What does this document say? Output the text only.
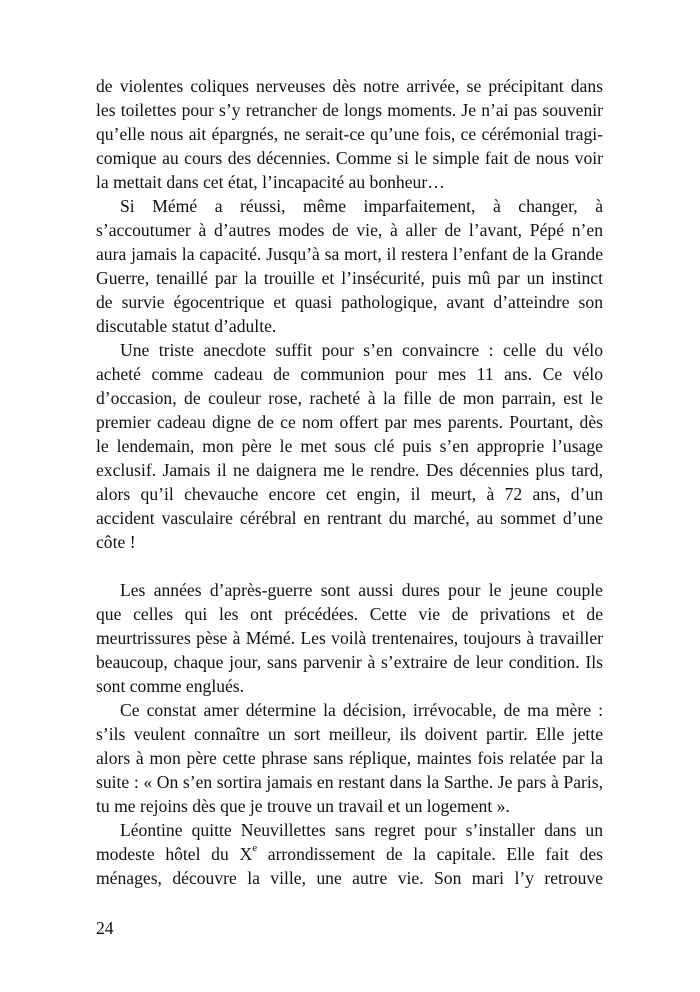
de violentes coliques nerveuses dès notre arrivée, se précipitant dans
les toilettes pour s’y retrancher de longs moments. Je n’ai pas souvenir
qu’elle nous ait épargnés, ne serait-ce qu’une fois, ce cérémonial tragi-
comique au cours des décennies. Comme si le simple fait de nous voir
la mettait dans cet état, l’incapacité au bonheur…
Si Mémé a réussi, même imparfaitement, à changer, à
s’accoutumer à d’autres modes de vie, à aller de l’avant, Pépé n’en
aura jamais la capacité. Jusqu’à sa mort, il restera l’enfant de la Grande
Guerre, tenaillé par la trouille et l’insécurité, puis mû par un instinct
de survie égocentrique et quasi pathologique, avant d’atteindre son
discutable statut d’adulte.
Une triste anecdote suffit pour s’en convaincre : celle du vélo
acheté comme cadeau de communion pour mes 11 ans. Ce vélo
d’occasion, de couleur rose, racheté à la fille de mon parrain, est le
premier cadeau digne de ce nom offert par mes parents. Pourtant, dès
le lendemain, mon père le met sous clé puis s’en approprie l’usage
exclusif. Jamais il ne daignera me le rendre. Des décennies plus tard,
alors qu’il chevauche encore cet engin, il meurt, à 72 ans, d’un
accident vasculaire cérébral en rentrant du marché, au sommet d’une
côte !
Les années d’après-guerre sont aussi dures pour le jeune couple
que celles qui les ont précédées. Cette vie de privations et de
meurtrissures pèse à Mémé. Les voilà trentenaires, toujours à travailler
beaucoup, chaque jour, sans parvenir à s’extraire de leur condition. Ils
sont comme englués.
Ce constat amer détermine la décision, irrévocable, de ma mère :
s’ils veulent connaître un sort meilleur, ils doivent partir. Elle jette
alors à mon père cette phrase sans réplique, maintes fois relatée par la
suite : « On s’en sortira jamais en restant dans la Sarthe. Je pars à Paris,
tu me rejoins dès que je trouve un travail et un logement ».
Léontine quitte Neuvillettes sans regret pour s’installer dans un
modeste hôtel du Xe arrondissement de la capitale. Elle fait des
ménages, découvre la ville, une autre vie. Son mari l’y retrouve
24
